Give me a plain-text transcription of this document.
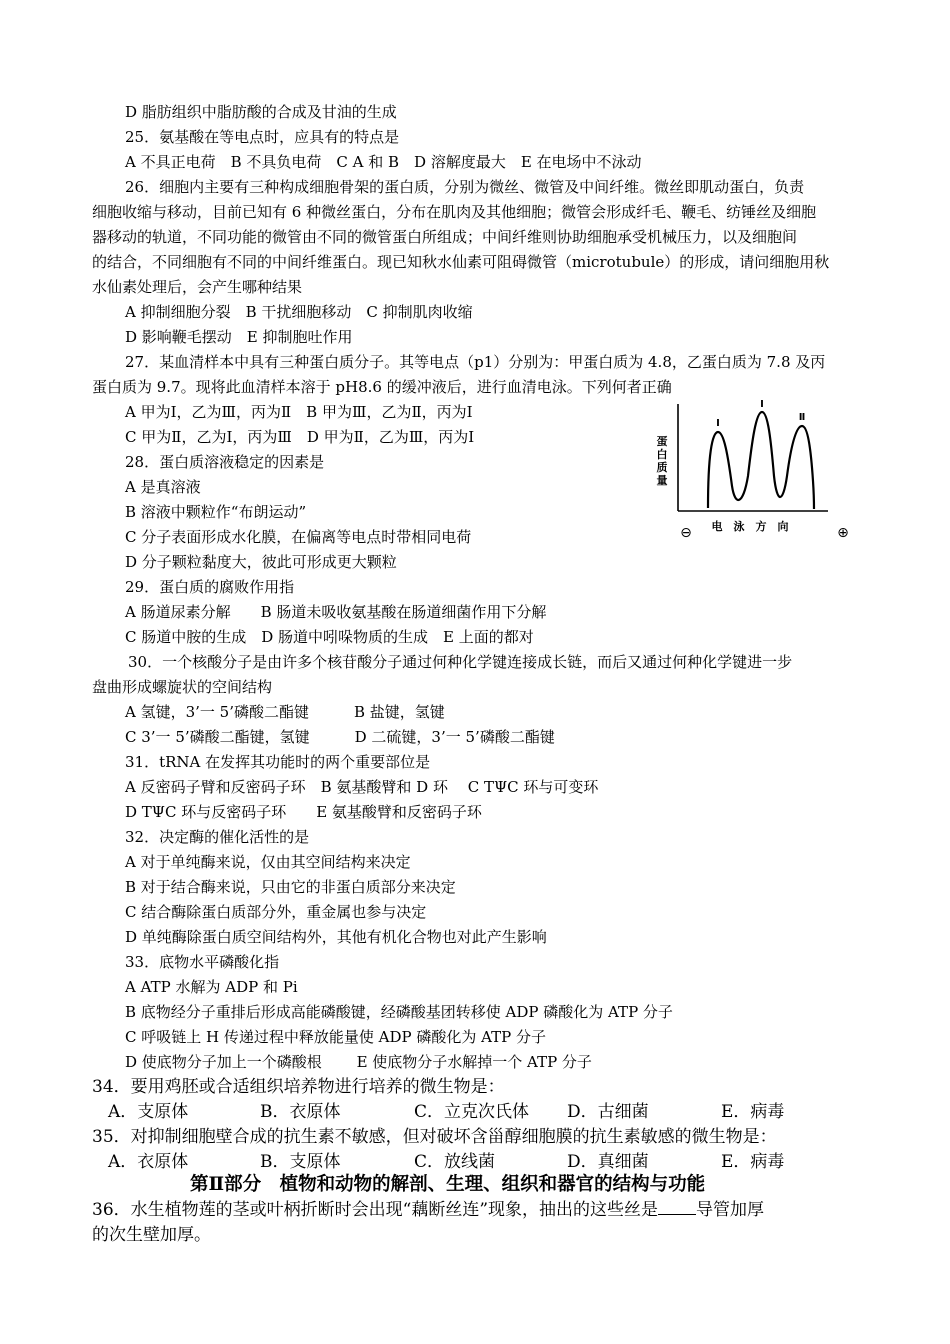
D 脂肪组织中脂肪酸的合成及甘油的生成
25．氨基酸在等电点时，应具有的特点是
A 不具正电荷　B 不具负电荷　C A 和 B　D 溶解度最大　E 在电场中不泳动
26．细胞内主要有三种构成细胞骨架的蛋白质，分别为微丝、微管及中间纤维。微丝即肌动蛋白，负责
细胞收缩与移动，目前已知有 6 种微丝蛋白，分布在肌肉及其他细胞；微管会形成纤毛、鞭毛、纺锤丝及细胞
器移动的轨道，不同功能的微管由不同的微管蛋白所组成；中间纤维则协助细胞承受机械压力，以及细胞间
的结合，不同细胞有不同的中间纤维蛋白。现已知秋水仙素可阻碍微管（microtubule）的形成，请问细胞用秋
水仙素处理后，会产生哪种结果
A 抑制细胞分裂　B 干扰细胞移动　C 抑制肌肉收缩
D 影响鞭毛摆动　E 抑制胞吐作用
27．某血清样本中具有三种蛋白质分子。其等电点（p1）分别为：甲蛋白质为 4.8，乙蛋白质为 7.8 及丙
蛋白质为 9.7。现将此血清样本溶于 pH8.6 的缓冲液后，进行血清电泳。下列何者正确
A 甲为Ⅰ，乙为Ⅲ，丙为Ⅱ　B 甲为Ⅲ，乙为Ⅱ，丙为Ⅰ
C 甲为Ⅱ，乙为Ⅰ，丙为Ⅲ　D 甲为Ⅱ，乙为Ⅲ，丙为Ⅰ
28．蛋白质溶液稳定的因素是
A 是真溶液
B 溶液中颗粒作“布朗运动”
C 分子表面形成水化膜，在偏离等电点时带相同电荷
D 分子颗粒黏度大，彼此可形成更大颗粒
29．蛋白质的腐败作用指
A 肠道尿素分解　　B 肠道未吸收氨基酸在肠道细菌作用下分解
C 肠道中胺的生成　D 肠道中吲哚物质的生成　E 上面的都对
30．一个核酸分子是由许多个核苷酸分子通过何种化学键连接成长链，而后又通过何种化学键进一步
盘曲形成螺旋状的空间结构
A 氢键，3’一 5’磷酸二酯键　　　B 盐键，氢键
C 3’一 5’磷酸二酯键，氢键　　　D 二硫键，3’一 5’磷酸二酯键
31．tRNA 在发挥其功能时的两个重要部位是
A 反密码子臂和反密码子环　B 氨基酸臂和 D 环　 C TΨC 环与可变环
D TΨC 环与反密码子环　　E 氨基酸臂和反密码子环
32．决定酶的催化活性的是
A 对于单纯酶来说，仅由其空间结构来决定
B 对于结合酶来说，只由它的非蛋白质部分来决定
C 结合酶除蛋白质部分外，重金属也参与决定
D 单纯酶除蛋白质空间结构外，其他有机化合物也对此产生影响
33．底物水平磷酸化指
A ATP 水解为 ADP 和 Pi
B 底物经分子重排后形成高能磷酸键，经磷酸基团转移使 ADP 磷酸化为 ATP 分子
C 呼吸链上 H 传递过程中释放能量使 ADP 磷酸化为 ATP 分子
D 使底物分子加上一个磷酸根　　 E 使底物分子水解掉一个 ATP 分子
34．要用鸡胚或合适组织培养物进行培养的微生物是：
A．支原体	B．衣原体	C．立克次氏体 D．古细菌	E．病毒
35．对抑制细胞壁合成的抗生素不敏感，但对破坏含甾醇细胞膜的抗生素敏感的微生物是：
A．衣原体	B．支原体	C．放线菌	D．真细菌	E．病毒
第Ⅱ部分　植物和动物的解剖、生理、组织和器官的结构与功能
36．水生植物莲的茎或叶柄折断时会出现“藕断丝连”现象，抽出的这些丝是 导管加厚
的次生壁加厚。
蛋
白
质
量
Ⅰ
Ⅰ
Ⅱ
电　泳　方　向
⊖	⊕
